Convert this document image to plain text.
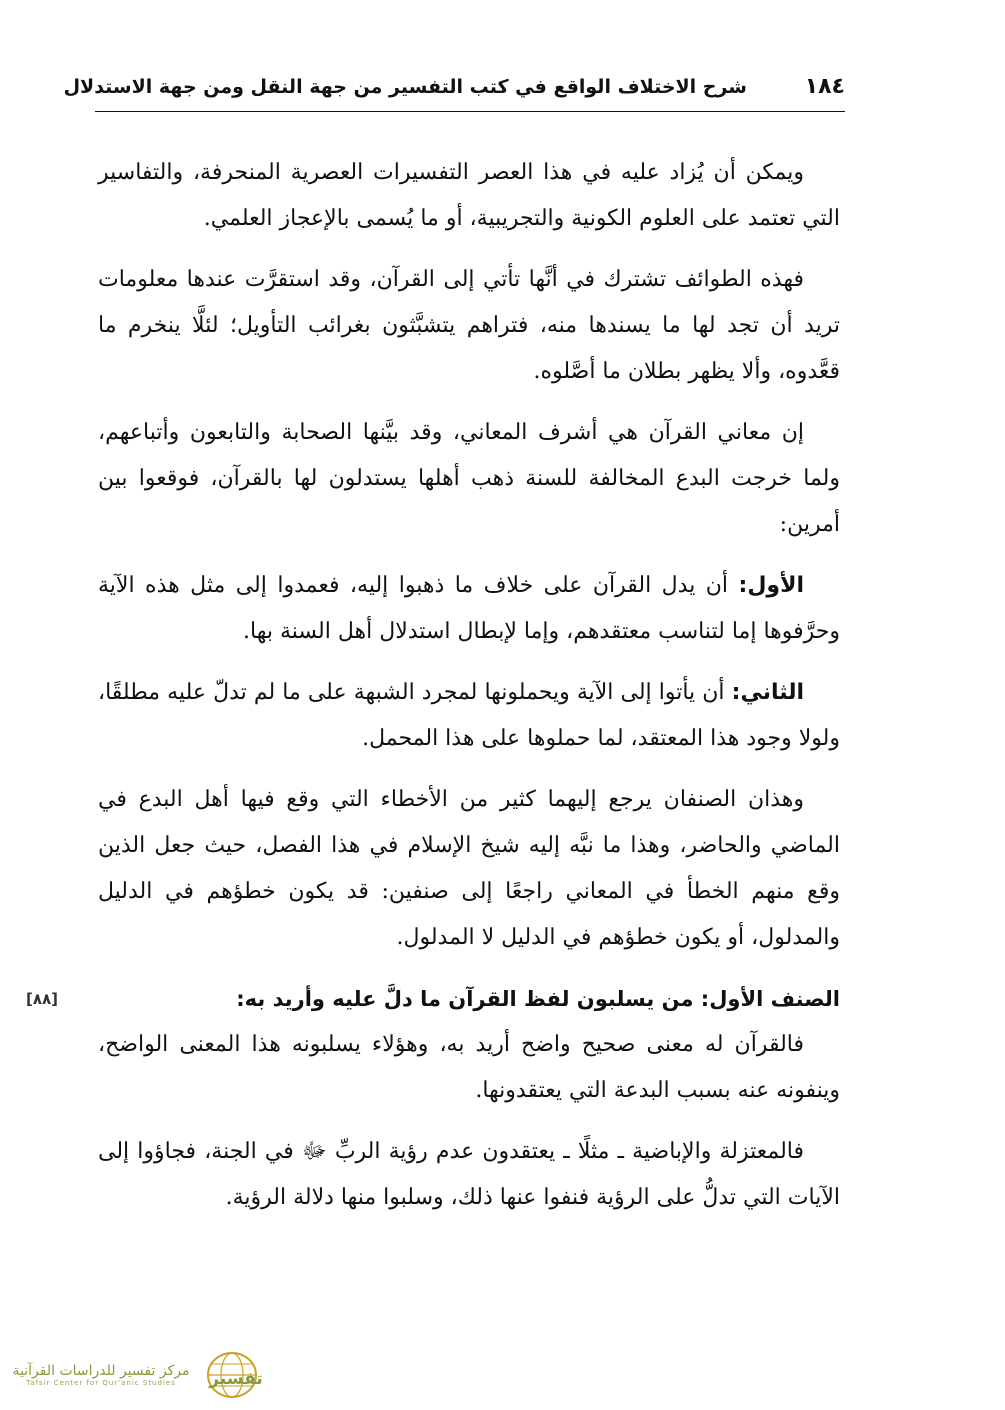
١٨٤
شرح الاختلاف الواقع في كتب التفسير من جهة النقل ومن جهة الاستدلال

ويمكن أن يُزاد عليه في هذا العصر التفسيرات العصرية المنحرفة، والتفاسير التي تعتمد على العلوم الكونية والتجريبية، أو ما يُسمى بالإعجاز العلمي.

فهذه الطوائف تشترك في أنَّها تأتي إلى القرآن، وقد استقرَّت عندها معلومات تريد أن تجد لها ما يسندها منه، فتراهم يتشبَّثون بغرائب التأويل؛ لئلَّا ينخرم ما قعَّدوه، وألا يظهر بطلان ما أصَّلوه.

إن معاني القرآن هي أشرف المعاني، وقد بيَّنها الصحابة والتابعون وأتباعهم، ولما خرجت البدع المخالفة للسنة ذهب أهلها يستدلون لها بالقرآن، فوقعوا بين أمرين:

الأول: أن يدل القرآن على خلاف ما ذهبوا إليه، فعمدوا إلى مثل هذه الآية وحرَّفوها إما لتناسب معتقدهم، وإما لإبطال استدلال أهل السنة بها.

الثاني: أن يأتوا إلى الآية ويحملونها لمجرد الشبهة على ما لم تدلّ عليه مطلقًا، ولولا وجود هذا المعتقد، لما حملوها على هذا المحمل.

وهذان الصنفان يرجع إليهما كثير من الأخطاء التي وقع فيها أهل البدع في الماضي والحاضر، وهذا ما نبَّه إليه شيخ الإسلام في هذا الفصل، حيث جعل الذين وقع منهم الخطأ في المعاني راجعًا إلى صنفين: قد يكون خطؤهم في الدليل والمدلول، أو يكون خطؤهم في الدليل لا المدلول.

[٨٨]	الصنف الأول: من يسلبون لفظ القرآن ما دلَّ عليه وأريد به:

فالقرآن له معنى صحيح واضح أريد به، وهؤلاء يسلبونه هذا المعنى الواضح، وينفونه عنه بسبب البدعة التي يعتقدونها.

فالمعتزلة والإباضية ـ مثلًا ـ يعتقدون عدم رؤية الربِّ ﷻ في الجنة، فجاؤوا إلى الآيات التي تدلُّ على الرؤية فنفوا عنها ذلك، وسلبوا منها دلالة الرؤية.

مركز تفسير للدراسات القرآنية
Tafsir Center for Qur'anic Studies تفسير
